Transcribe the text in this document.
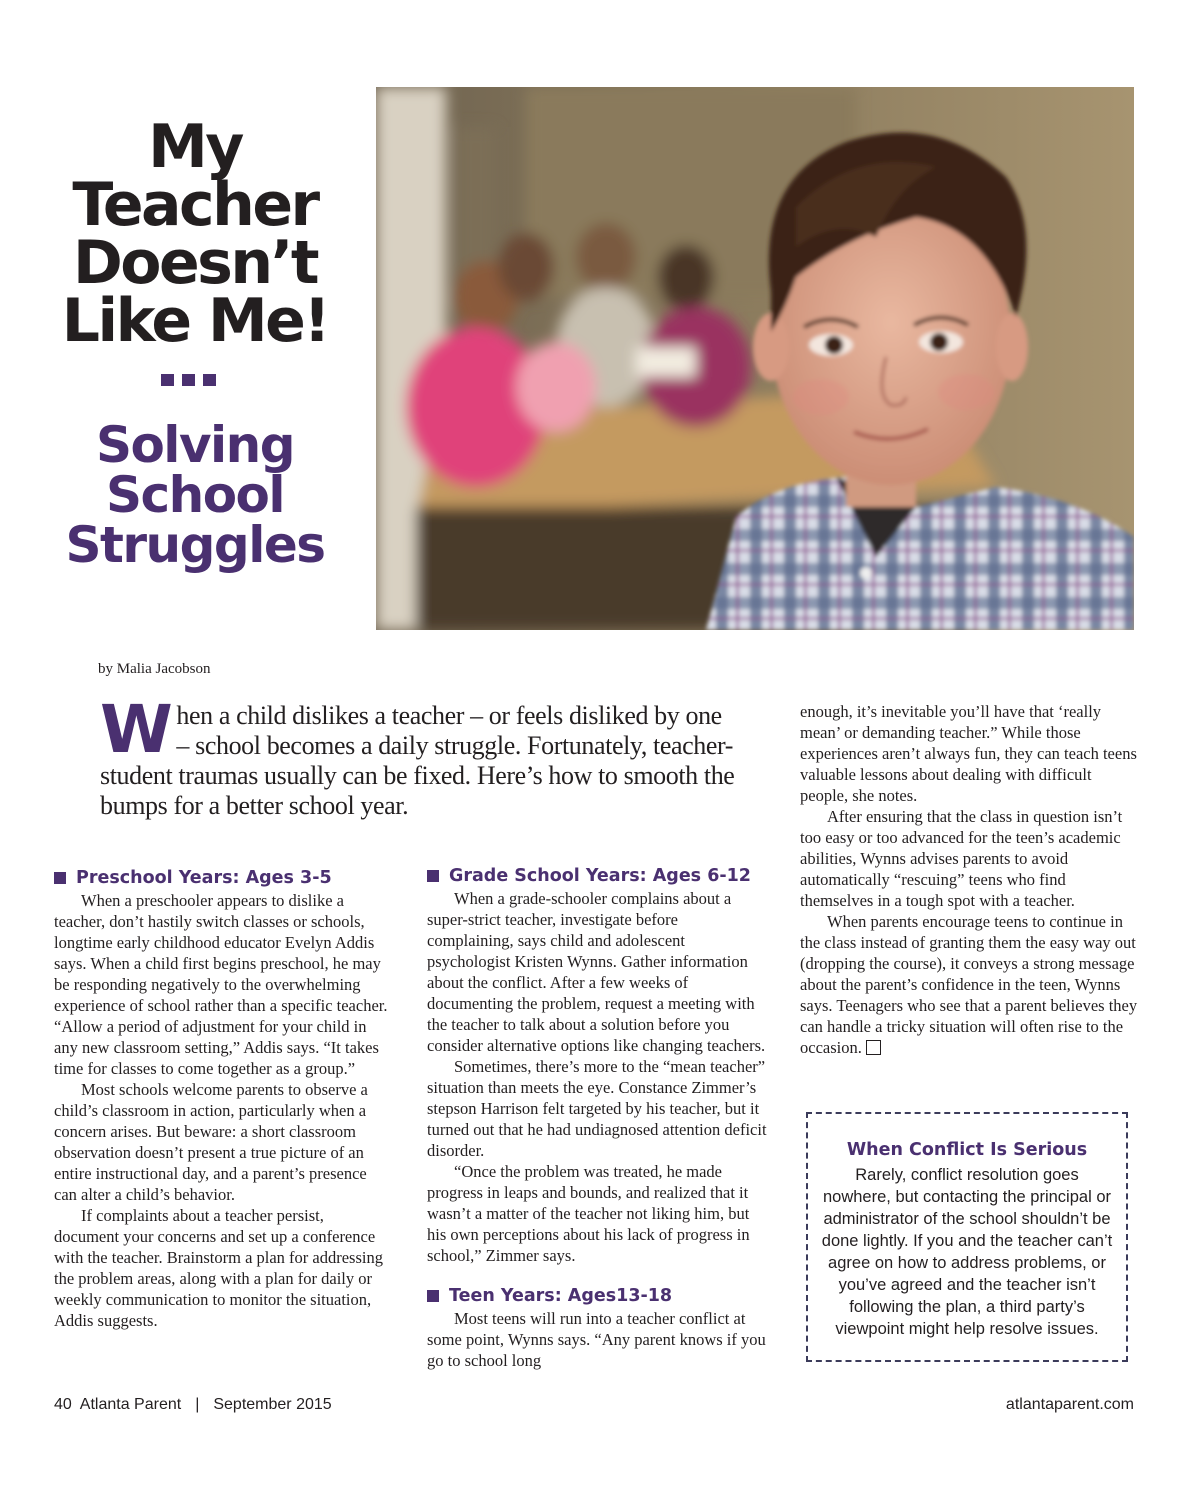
My Teacher Doesn’t Like Me!
Solving School Struggles
by Malia Jacobson
When a child dislikes a teacher – or feels disliked by one – school becomes a daily struggle. Fortunately, teacher-student traumas usually can be fixed. Here’s how to smooth the bumps for a better school year.
Preschool Years: Ages 3-5

When a preschooler appears to dislike a teacher, don’t hastily switch classes or schools, longtime early childhood educator Evelyn Addis says. When a child first begins preschool, he may be responding negatively to the overwhelming experience of school rather than a specific teacher. “Allow a period of adjustment for your child in any new classroom setting,” Addis says. “It takes time for classes to come together as a group.”

Most schools welcome parents to observe a child’s classroom in action, particularly when a concern arises. But beware: a short classroom observation doesn’t present a true picture of an entire instructional day, and a parent’s presence can alter a child’s behavior.

If complaints about a teacher persist, document your concerns and set up a conference with the teacher. Brainstorm a plan for addressing the problem areas, along with a plan for daily or weekly communication to monitor the situation, Addis suggests.

Grade School Years: Ages 6-12

When a grade-schooler complains about a super-strict teacher, investigate before complaining, says child and adolescent psychologist Kristen Wynns. Gather information about the conflict. After a few weeks of documenting the problem, request a meeting with the teacher to talk about a solution before you consider alternative options like changing teachers.

Sometimes, there’s more to the “mean teacher” situation than meets the eye. Constance Zimmer’s stepson Harrison felt targeted by his teacher, but it turned out that he had undiagnosed attention deficit disorder.

“Once the problem was treated, he made progress in leaps and bounds, and realized that it wasn’t a matter of the teacher not liking him, but his own perceptions about his lack of progress in school,” Zimmer says.

Teen Years: Ages13-18

Most teens will run into a teacher conflict at some point, Wynns says. “Any parent knows if you go to school long

enough, it’s inevitable you’ll have that ‘really mean’ or demanding teacher.” While those experiences aren’t always fun, they can teach teens valuable lessons about dealing with difficult people, she notes.

After ensuring that the class in question isn’t too easy or too advanced for the teen’s academic abilities, Wynns advises parents to avoid automatically “rescuing” teens who find themselves in a tough spot with a teacher.

When parents encourage teens to continue in the class instead of granting them the easy way out (dropping the course), it conveys a strong message about the parent’s confidence in the teen, Wynns says. Teenagers who see that a parent believes they can handle a tricky situation will often rise to the occasion.

When Conflict Is Serious

Rarely, conflict resolution goes nowhere, but contacting the principal or administrator of the school shouldn’t be done lightly. If you and the teacher can’t agree on how to address problems, or you’ve agreed and the teacher isn’t following the plan, a third party’s viewpoint might help resolve issues.

40 Atlanta Parent | September 2015	atlantaparent.com
